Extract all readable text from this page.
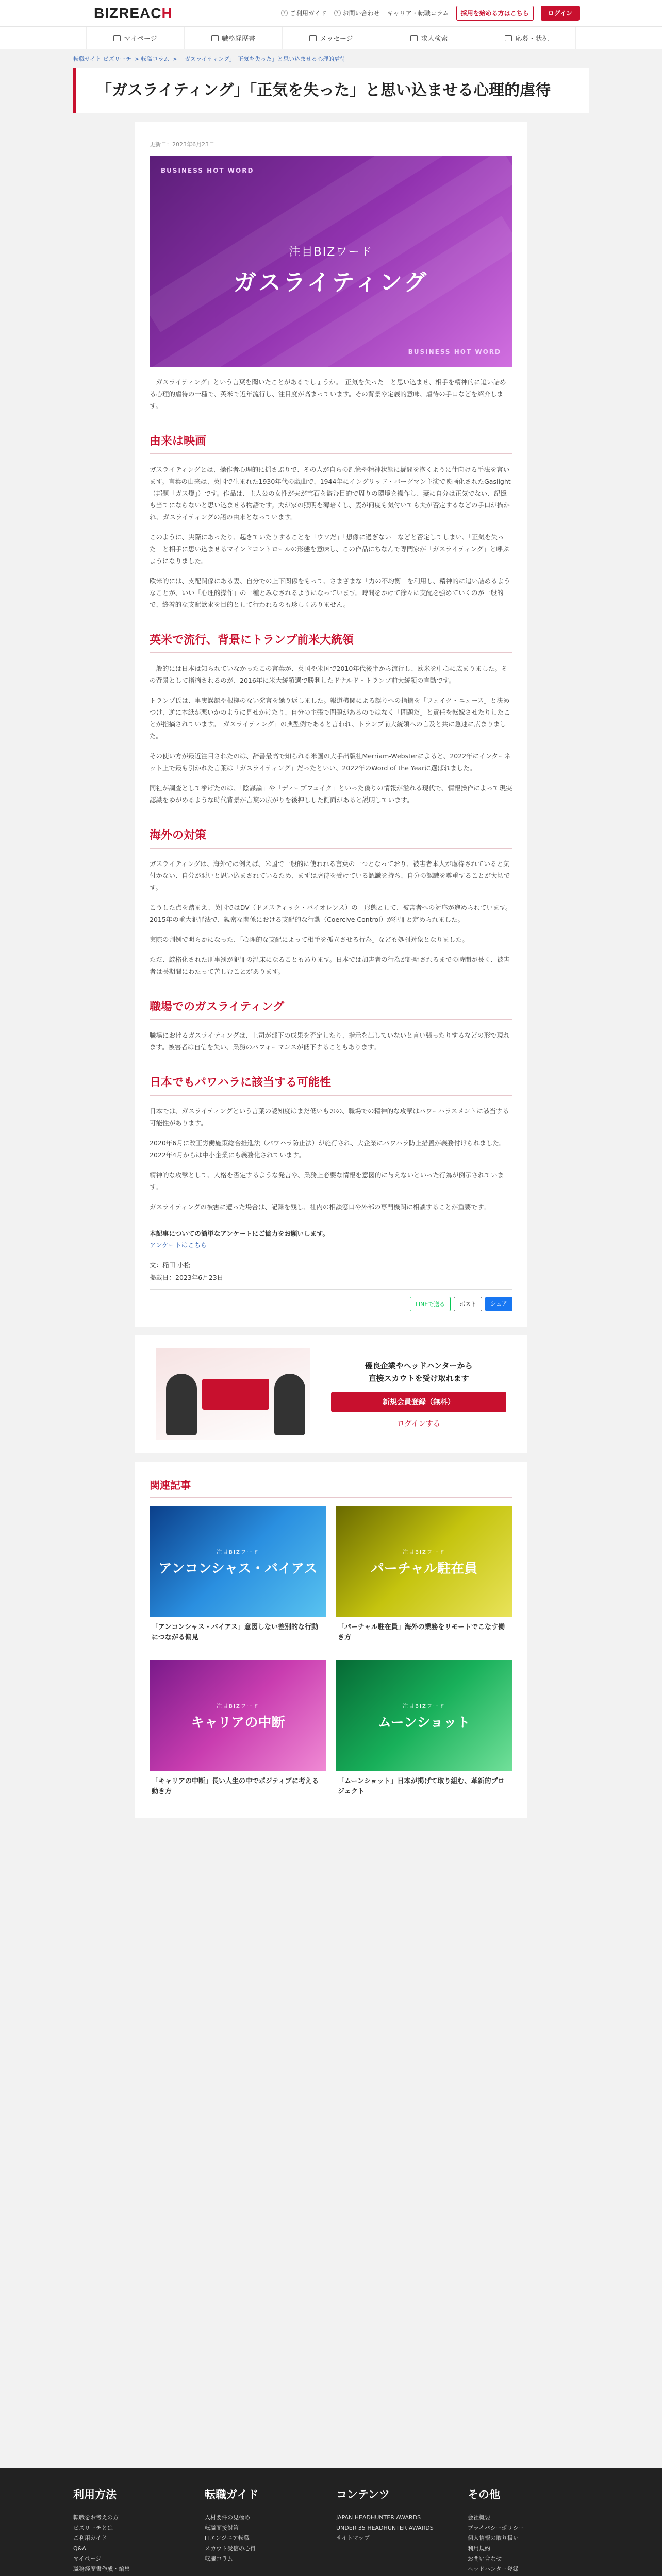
BIZREAC H	? ご利用ガイド	? お問い合わせ キャリア・転職コラム	採用を始める方はこちら	ログイン
マイページ	職務経歴書	メッセージ	求人検索	応募・状況
転職サイト ビズリーチ > 転職コラム > 「ガスライティング」「正気を失った」と思い込ませる心理的虐待
「ガスライティング」「正気を失った」と思い込ませる心理的虐待
更新日：2023年6月23日
BUSINESS HOT WORD
注目BIZワード
ガスライティング
BUSINESS HOT WORD

「ガスライティング」という言葉を聞いたことがあるでしょうか。「正気を失った」と思い込ませ、相手を精神的に追い詰める心理的虐待の一種で、英米で近年流行し、注目度が高まっています。その背景や定義的意味、虐待の手口などを紹介します。

由来は映画

ガスライティングとは、操作者心理的に揺さぶりで、その人が自らの記憶や精神状態に疑問を抱くように仕向ける手法を言います。言葉の由来は、英国で生まれた1930年代の戯曲で、1944年にイングリッド・バーグマン主演で映画化されたGaslight（邦題「ガス燈」）です。作品は、主人公の女性が夫が宝石を盗む目的で周りの環境を操作し、妻に自分は正気でない、記憶も当てにならないと思い込ませる物語です。夫が家の照明を薄暗くし、妻が何度も気付いても夫が否定するなどの手口が描かれ、ガスライティングの語の由来となっています。

このように、実際にあったり、起きていたりすることを「ウソだ」「想像に過ぎない」などと否定してしまい、「正気を失った」と相手に思い込ませるマインドコントロールの形態を意味し、この作品にちなんで専門家が「ガスライティング」と呼ぶようになりました。

欧米的には、支配関係にある妻、自分での上下関係をもって、さまざまな「力の不均衡」を利用し、精神的に追い詰めるようなことが、いい「心理的操作」の一種とみなされるようになっています。時間をかけて徐々に支配を強めていくのが一般的で、終着的な支配欲求を目的として行われるのも珍しくありません。

英米で流行、背景にトランプ前米大統領

一般的には日本は知られていなかったこの言葉が、英国や米国で2010年代後半から流行し、欧米を中心に広まりました。その背景として指摘されるのが、2016年に米大統領選で勝利したドナルド・トランプ前大統領の言動です。

トランプ氏は、事実誤認や根拠のない発言を繰り返しました。報道機関による誤りへの指摘を「フェイク・ニュース」と決めつけ、逆に本紙が悪いかのように見せかけたり、自分の主張で問題があるのではなく「問題だ」と責任を転嫁させたりしたことが指摘されています。「ガスライティング」の典型例であると言われ、トランプ前大統領への言及と共に急速に広まりました。

その使い方が最近注目されたのは、辞書最高で知られる米国の大手出版社Merriam-Websterによると、2022年にインターネット上で最も引かれた言葉は「ガスライティング」だったといい、2022年のWord of the Yearに選ばれました。

同社が調査として挙げたのは、「陰謀論」や「ディープフェイク」といった偽りの情報が溢れる現代で、情報操作によって現実認識をゆがめるような時代背景が言葉の広がりを後押しした側面があると説明しています。

海外の対策

ガスライティングは、海外では例えば、米国で一般的に使われる言葉の一つとなっており、被害者本人が虐待されていると気付かない、自分が悪いと思い込まされているため、まずは虐待を受けている認識を持ち、自分の認識を尊重することが大切です。

こうした点を踏まえ、英国ではDV（ドメスティック・バイオレンス）の一形態として、被害者への対応が進められています。2015年の重大犯罪法で、親密な関係における支配的な行動（Coercive Control）が犯罪と定められました。

実際の判例で明らかになった、「心理的な支配によって相手を孤立させる行為」なども処罰対象となりました。

ただ、厳格化された刑事罰が犯罪の温床になることもあります。日本では加害者の行為が証明されるまでの時間が長く、被害者は長期間にわたって苦しむことがあります。

職場でのガスライティング

職場におけるガスライティングは、上司が部下の成果を否定したり、指示を出していないと言い張ったりするなどの形で現れます。被害者は自信を失い、業務のパフォーマンスが低下することもあります。

日本でもパワハラに該当する可能性

日本では、ガスライティングという言葉の認知度はまだ低いものの、職場での精神的な攻撃はパワーハラスメントに該当する可能性があります。

2020年6月に改正労働施策総合推進法（パワハラ防止法）が施行され、大企業にパワハラ防止措置が義務付けられました。2022年4月からは中小企業にも義務化されています。

精神的な攻撃として、人格を否定するような発言や、業務上必要な情報を意図的に与えないといった行為が例示されています。

ガスライティングの被害に遭った場合は、記録を残し、社内の相談窓口や外部の専門機関に相談することが重要です。

本記事についての簡単なアンケートにご協力をお願いします。
アンケートはこちら
文：稲田 小松
掲載日：2023年6月23日
LINEで送る	ポスト	シェア
優良企業やヘッドハンターから
直接スカウトを受け取れます
新規会員登録（無料）
ログインする
関連記事
注目BIZワード
アンコンシャス・バイアス
「アンコンシャス・バイアス」意図しない差別的な行動につながる偏見
注目BIZワード
パーチャル駐在員
「パーチャル駐在員」海外の業務をリモートでこなす働き方
注目BIZワード
キャリアの中断
「キャリアの中断」長い人生の中でポジティブに考える動き方
注目BIZワード
ムーンショット
「ムーンショット」日本が掲げて取り組む、革新的プロジェクト
利用方法
転職をお考えの方
ビズリーチとは
ご利用ガイド
Q&A
マイページ
職務経歴書作成・編集
転職ガイド
人材要件の見極め
転職面接対策
ITエンジニア転職
スカウト受信の心得
転職コラム
コンテンツ
JAPAN HEADHUNTER AWARDS
UNDER 35 HEADHUNTER AWARDS
サイトマップ
その他
会社概要
プライバシーポリシー
個人情報の取り扱い
利用規約
お問い合わせ
ヘッドハンター登録
